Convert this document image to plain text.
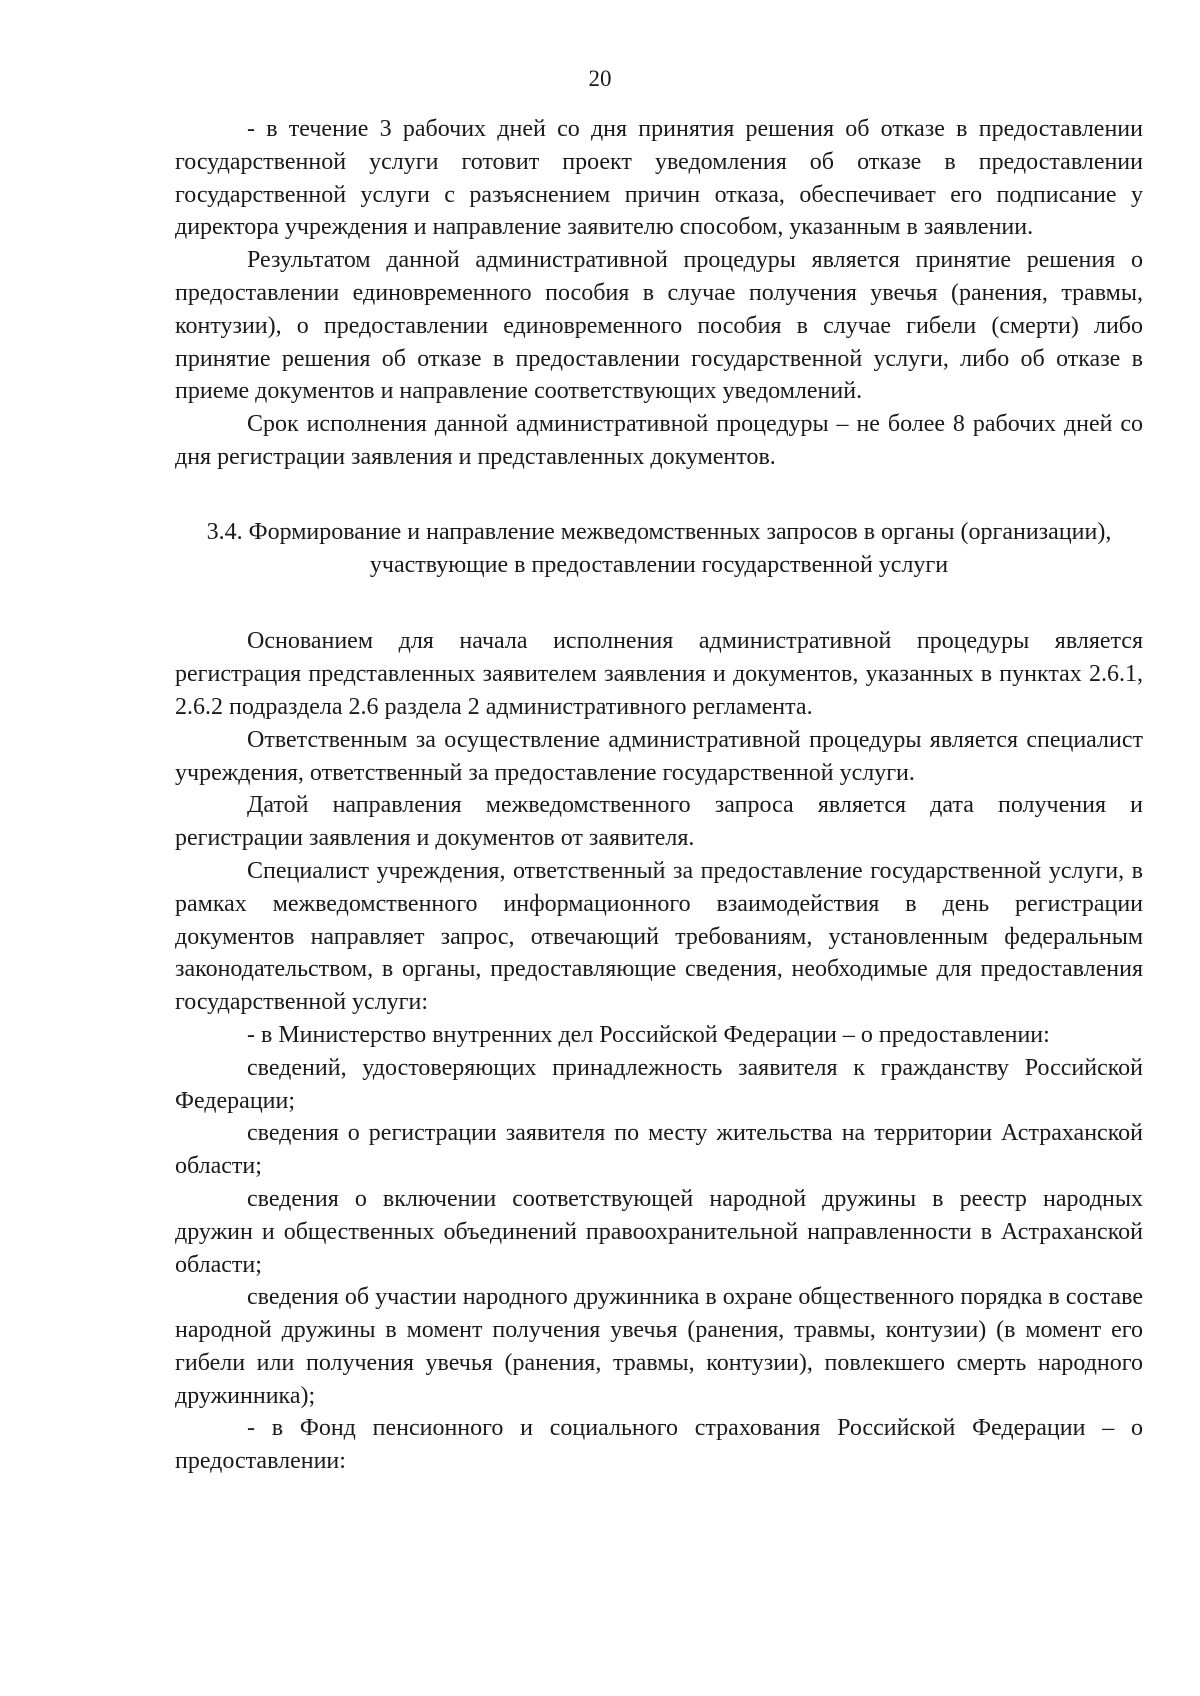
20

- в течение 3 рабочих дней со дня принятия решения об отказе в предоставлении государственной услуги готовит проект уведомления об отказе в предоставлении государственной услуги с разъяснением причин отказа, обеспечивает его подписание у директора учреждения и направление заявителю способом, указанным в заявлении.

Результатом данной административной процедуры является принятие решения о предоставлении единовременного пособия в случае получения увечья (ранения, травмы, контузии), о предоставлении единовременного пособия в случае гибели (смерти) либо принятие решения об отказе в предоставлении государственной услуги, либо об отказе в приеме документов и направление соответствующих уведомлений.

Срок исполнения данной административной процедуры – не более 8 рабочих дней со дня регистрации заявления и представленных документов.

3.4. Формирование и направление межведомственных запросов в органы (организации), участвующие в предоставлении государственной услуги

Основанием для начала исполнения административной процедуры является регистрация представленных заявителем заявления и документов, указанных в пунктах 2.6.1, 2.6.2 подраздела 2.6 раздела 2 административного регламента.

Ответственным за осуществление административной процедуры является специалист учреждения, ответственный за предоставление государственной услуги.

Датой направления межведомственного запроса является дата получения и регистрации заявления и документов от заявителя.

Специалист учреждения, ответственный за предоставление государственной услуги, в рамках межведомственного информационного взаимодействия в день регистрации документов направляет запрос, отвечающий требованиям, установленным федеральным законодательством, в органы, предоставляющие сведения, необходимые для предоставления государственной услуги:

- в Министерство внутренних дел Российской Федерации – о предоставлении:

сведений, удостоверяющих принадлежность заявителя к гражданству Российской Федерации;

сведения о регистрации заявителя по месту жительства на территории Астраханской области;

сведения о включении соответствующей народной дружины в реестр народных дружин и общественных объединений правоохранительной направленности в Астраханской области;

сведения об участии народного дружинника в охране общественного порядка в составе народной дружины в момент получения увечья (ранения, травмы, контузии) (в момент его гибели или получения увечья (ранения, травмы, контузии), повлекшего смерть народного дружинника);

- в Фонд пенсионного и социального страхования Российской Федерации – о предоставлении:
